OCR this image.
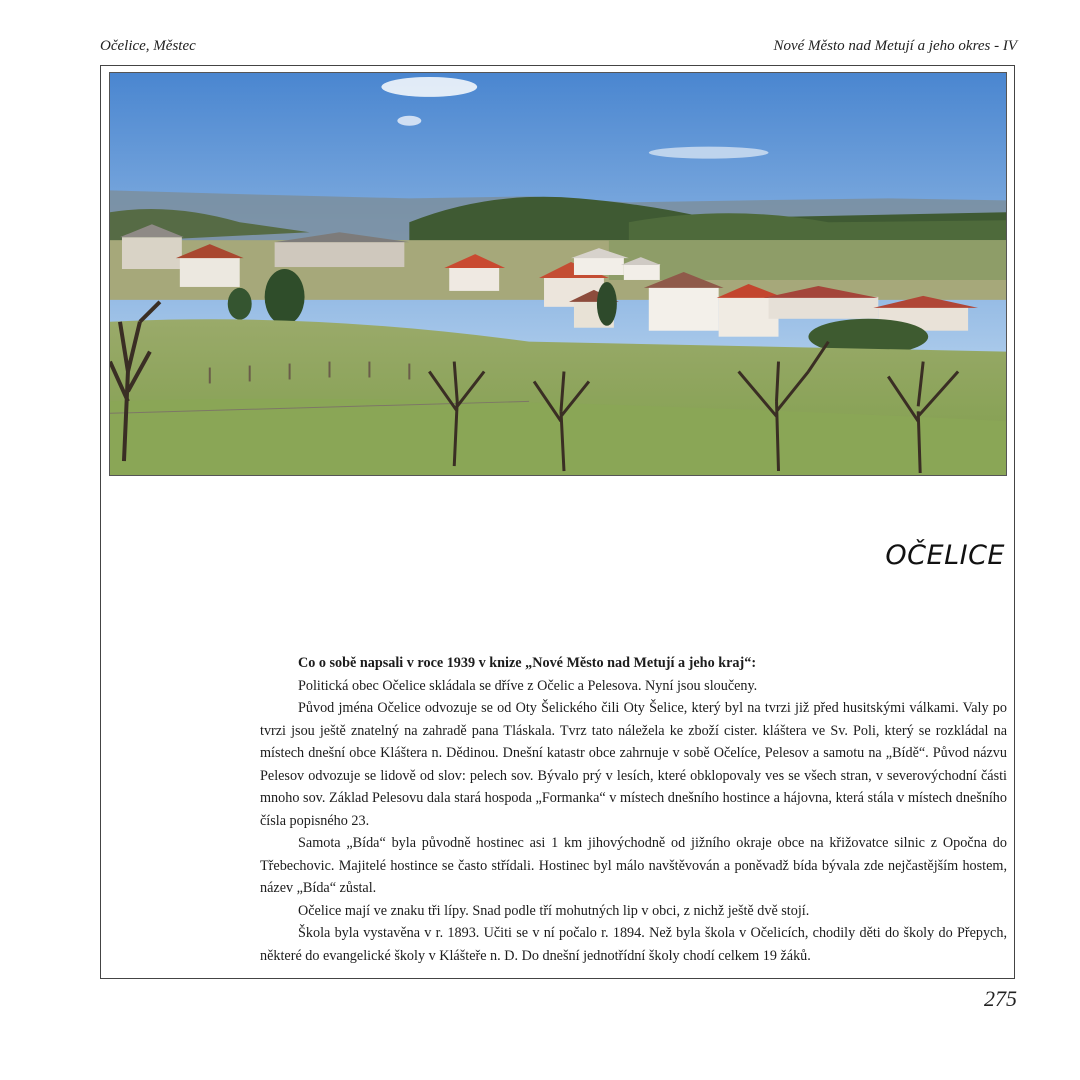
Očelice, Městec	Nové Město nad Metují a jeho okres - IV
OČELICE

Co o sobě napsali v roce 1939 v knize „Nové Město nad Metují a jeho kraj“:

Politická obec Očelice skládala se dříve z Očelic a Pelesova. Nyní jsou sloučeny.

Původ jména Očelice odvozuje se od Oty Šelického čili Oty Šelice, který byl na tvrzi již před husitskými válkami. Valy po tvrzi jsou ještě znatelný na zahradě pana Tláskala. Tvrz tato náležela ke zboží cister. kláštera ve Sv. Poli, který se rozkládal na místech dnešní obce Kláštera n. Dědinou. Dnešní katastr obce zahrnuje v sobě Očelíce, Pelesov a samotu na „Bídě“. Původ názvu Pelesov odvozuje se lidově od slov: pelech sov. Bývalo prý v lesích, které obklopovaly ves se všech stran, v severovýchodní části mnoho sov. Základ Pelesovu dala stará hospoda „Formanka“ v místech dnešního hostince a hájovna, která stála v místech dnešního čísla popisného 23.

Samota „Bída“ byla původně hostinec asi 1 km jihovýchodně od jižního okraje obce na křižovatce silnic z Opočna do Třebechovic. Majitelé hostince se často střídali. Hostinec byl málo navštěvován a poněvadž bída bývala zde nejčastějším hostem, název „Bída“ zůstal.

Očelice mají ve znaku tři lípy. Snad podle tří mohutných lip v obci, z nichž ještě dvě stojí.

Škola byla vystavěna v r. 1893. Učiti se v ní počalo r. 1894. Než byla škola v Očelicích, chodily děti do školy do Přepych, některé do evangelické školy v Klášteře n. D. Do dnešní jednotřídní školy chodí celkem 19 žáků.

275
